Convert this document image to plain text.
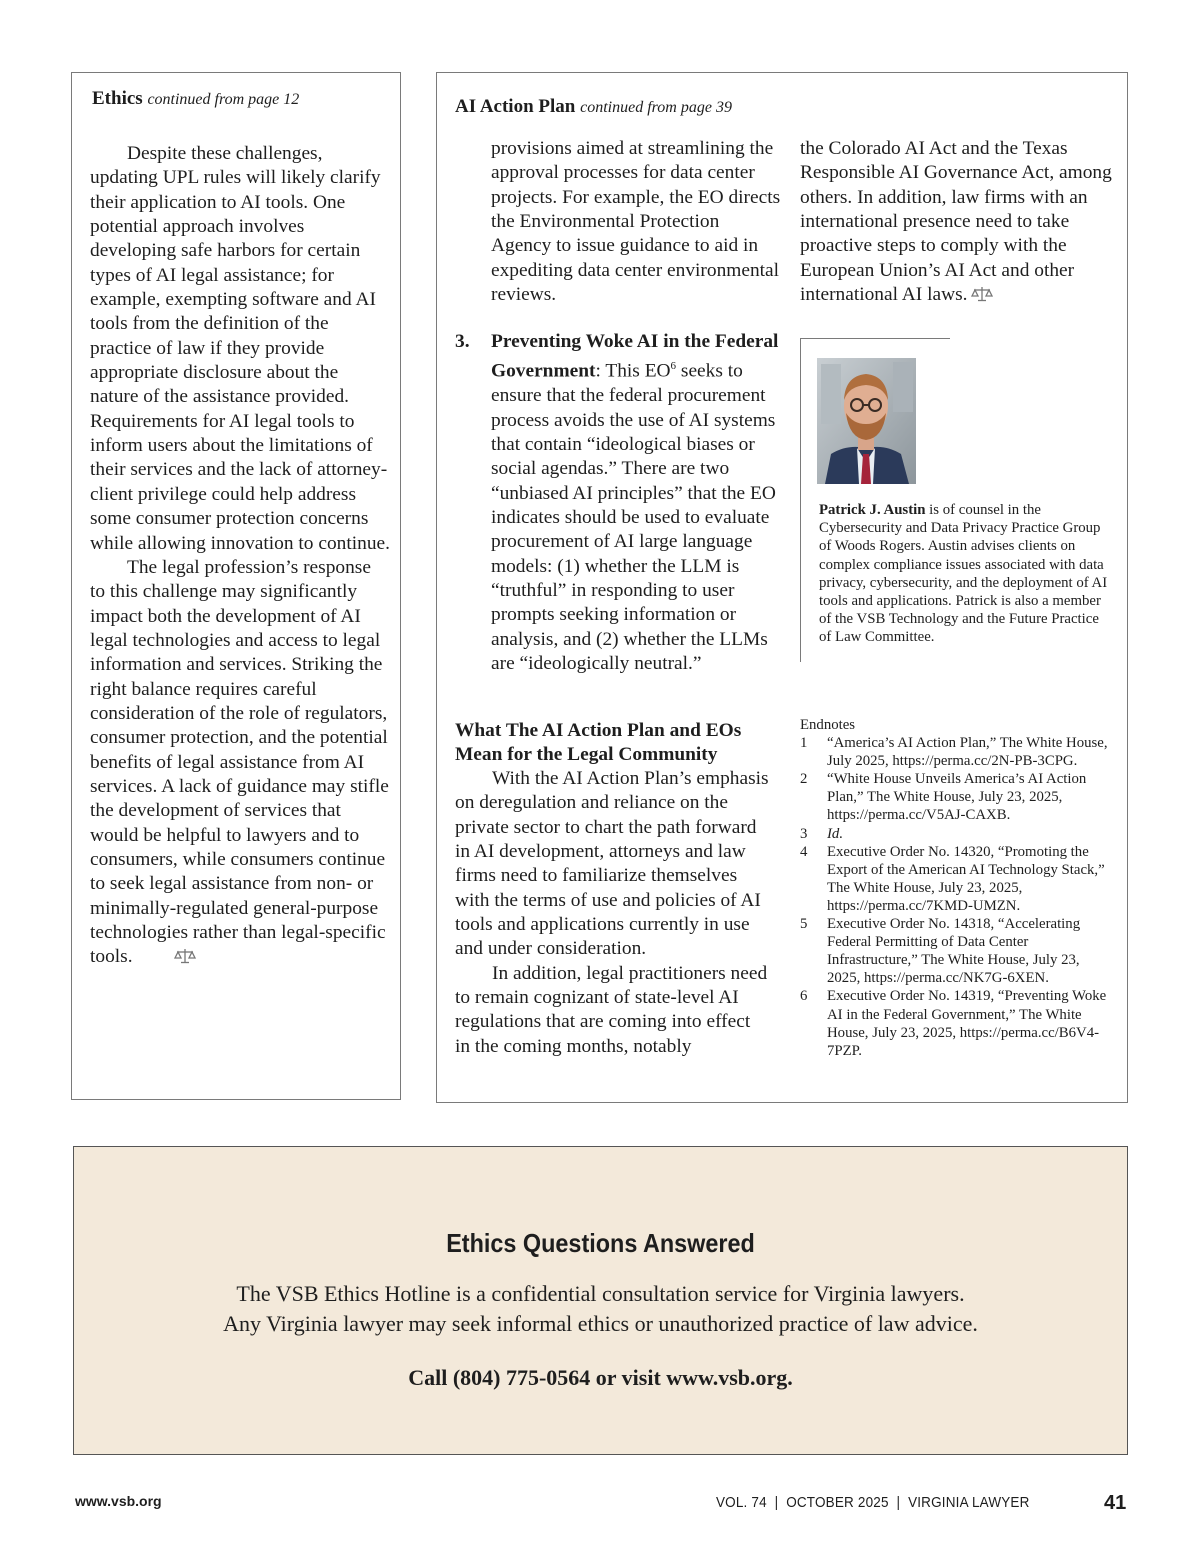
Ethics continued from page 12
Despite these challenges, updating UPL rules will likely clarify their application to AI tools. One potential approach involves developing safe harbors for certain types of AI legal assistance; for example, exempting software and AI tools from the definition of the practice of law if they provide appropriate disclosure about the nature of the assistance provided. Requirements for AI legal tools to inform users about the limitations of their services and the lack of attorney-client privilege could help address some consumer protection concerns while allowing innovation to continue.
The legal profession’s response to this challenge may significantly impact both the development of AI legal technologies and access to legal information and services. Striking the right balance requires careful consideration of the role of regulators, consumer protection, and the potential benefits of legal assistance from AI services. A lack of guidance may stifle the development of services that would be helpful to lawyers and to consumers, while consumers continue to seek legal assistance from non- or minimally-regulated general-purpose technologies rather than legal-specific tools.
AI Action Plan continued from page 39
provisions aimed at streamlining the approval processes for data center projects. For example, the EO directs the Environmental Protection Agency to issue guidance to aid in expediting data center environmental reviews.
3. Preventing Woke AI in the Federal Government: This $EO^6$ seeks to ensure that the federal procurement process avoids the use of AI systems that contain “ideological biases or social agendas.” There are two “unbiased AI principles” that the EO indicates should be used to evaluate procurement of AI large language models: (1) whether the LLM is “truthful” in responding to user prompts seeking information or analysis, and (2) whether the LLMs are “ideologically neutral.”
What The AI Action Plan and EOs Mean for the Legal Community
With the AI Action Plan’s emphasis on deregulation and reliance on the private sector to chart the path forward in AI development, attorneys and law firms need to familiarize themselves with the terms of use and policies of AI tools and applications currently in use and under consideration.
In addition, legal practitioners need to remain cognizant of state-level AI regulations that are coming into effect in the coming months, notably
the Colorado AI Act and the Texas Responsible AI Governance Act, among others. In addition, law firms with an international presence need to take proactive steps to comply with the European Union’s AI Act and other international AI laws.
Patrick J. Austin is of counsel in the Cybersecurity and Data Privacy Practice Group of Woods Rogers. Austin advises clients on complex compliance issues associated with data privacy, cybersecurity, and the deployment of AI tools and applications. Patrick is also a member of the VSB Technology and the Future Practice of Law Committee.
Endnotes
1 “America’s AI Action Plan,” The White House, July 2025, https://perma.cc/2N-PB-3CPG.
2 “White House Unveils America’s AI Action Plan,” The White House, July 23, 2025, https://perma.cc/V5AJ-CAXB.
3 Id.
4 Executive Order No. 14320, “Promoting the Export of the American AI Technology Stack,” The White House, July 23, 2025, https://perma.cc/7KMD-UMZN.
5 Executive Order No. 14318, “Accelerating Federal Permitting of Data Center Infrastructure,” The White House, July 23, 2025, https://perma.cc/NK7G-6XEN.
6 Executive Order No. 14319, “Preventing Woke AI in the Federal Government,” The White House, July 23, 2025, https://perma.cc/B6V4-7PZP.
Ethics Questions Answered
The VSB Ethics Hotline is a confidential consultation service for Virginia lawyers.
Any Virginia lawyer may seek informal ethics or unauthorized practice of law advice.
Call (804) 775-0564 or visit www.vsb.org.
www.vsb.org	VOL. 74  |  OCTOBER 2025  |  VIRGINIA LAWYER	41
